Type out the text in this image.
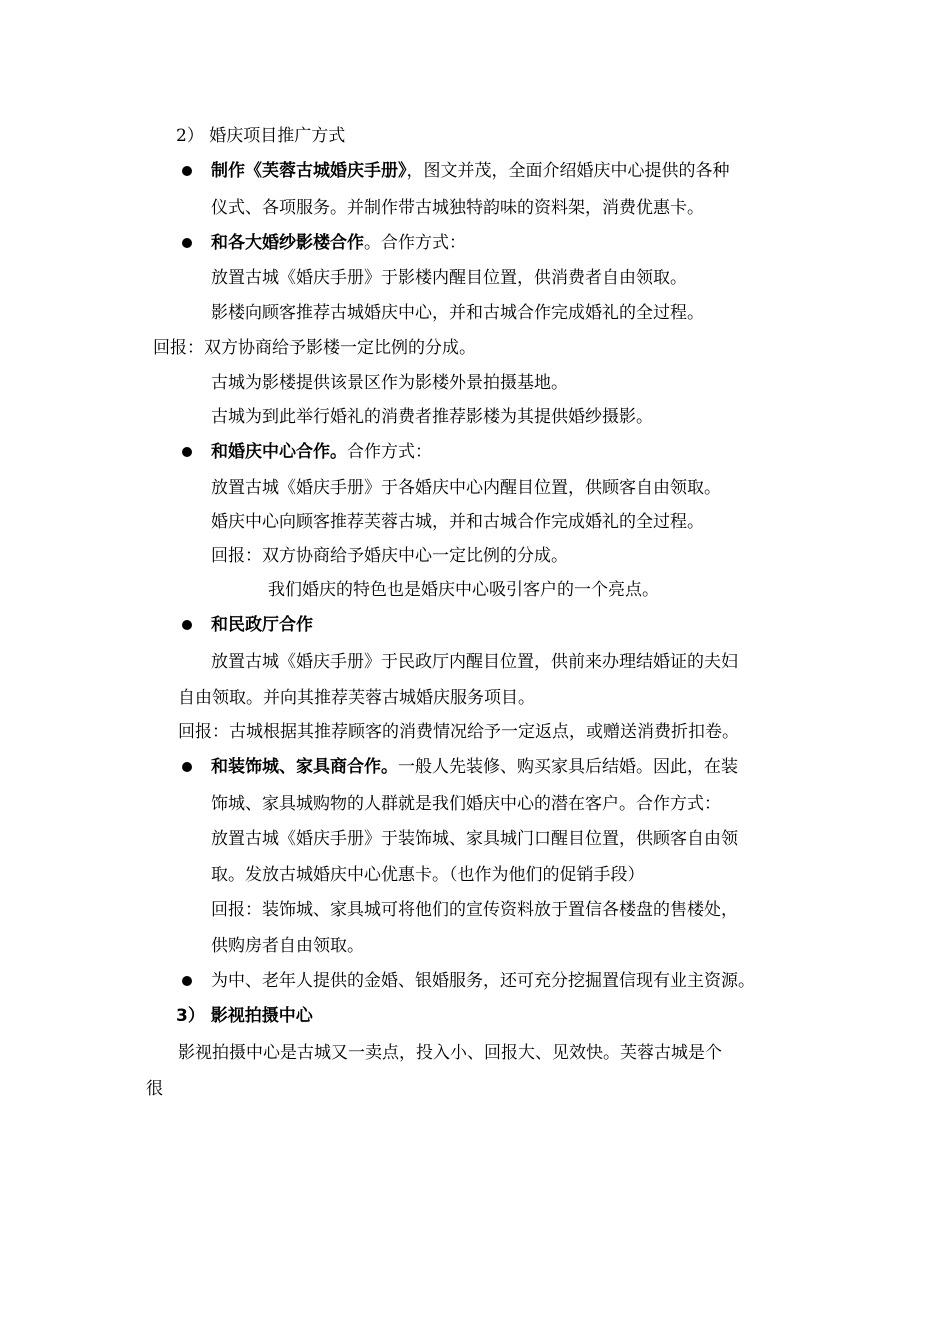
2） 婚庆项目推广方式

制作《芙蓉古城婚庆手册》，图文并茂，全面介绍婚庆中心提供的各种

仪式、各项服务。并制作带古城独特韵味的资料架，消费优惠卡。

和各大婚纱影楼合作。合作方式：

放置古城《婚庆手册》于影楼内醒目位置，供消费者自由领取。

影楼向顾客推荐古城婚庆中心，并和古城合作完成婚礼的全过程。

回报：双方协商给予影楼一定比例的分成。

古城为影楼提供该景区作为影楼外景拍摄基地。

古城为到此举行婚礼的消费者推荐影楼为其提供婚纱摄影。

和婚庆中心合作。合作方式：

放置古城《婚庆手册》于各婚庆中心内醒目位置，供顾客自由领取。

婚庆中心向顾客推荐芙蓉古城，并和古城合作完成婚礼的全过程。

回报：双方协商给予婚庆中心一定比例的分成。

我们婚庆的特色也是婚庆中心吸引客户的一个亮点。

和民政厅合作

放置古城《婚庆手册》于民政厅内醒目位置，供前来办理结婚证的夫妇

自由领取。并向其推荐芙蓉古城婚庆服务项目。

回报：古城根据其推荐顾客的消费情况给予一定返点，或赠送消费折扣卷。

和装饰城、家具商合作。一般人先装修、购买家具后结婚。因此，在装

饰城、家具城购物的人群就是我们婚庆中心的潜在客户。合作方式：

放置古城《婚庆手册》于装饰城、家具城门口醒目位置，供顾客自由领

取。发放古城婚庆中心优惠卡。（也作为他们的促销手段）

回报：装饰城、家具城可将他们的宣传资料放于置信各楼盘的售楼处，

供购房者自由领取。

为中、老年人提供的金婚、银婚服务，还可充分挖掘置信现有业主资源。

3） 影视拍摄中心

影视拍摄中心是古城又一卖点，投入小、回报大、见效快。芙蓉古城是个

很
